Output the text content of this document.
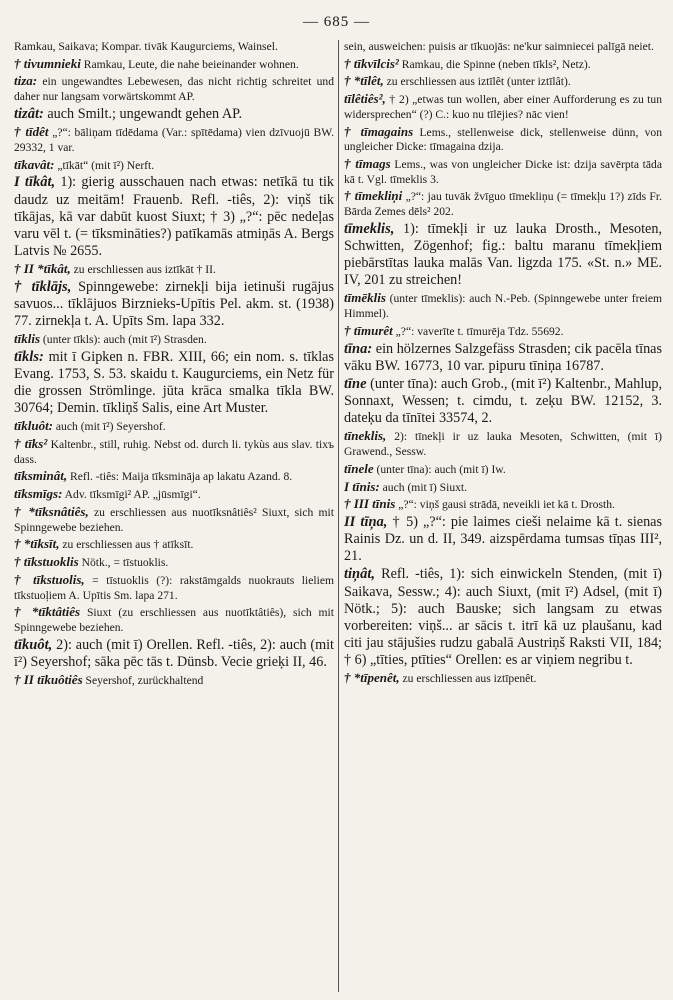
— 685 —

Ramkau, Saikava; Kompar. tivāk Kaugurciems, Wainsel.

† tivumnieki Ramkau, Leute, die nahe beieinander wohnen.

tiza: ein ungewandtes Lebewesen, das nicht richtig schreitet und daher nur langsam vorwärtskommt AP.

tizât: auch Smilt.; ungewandt gehen AP.

† tīdêt „?“: bāliņam tīdēdama (Var.: spītēdama) vien dzīvuojū BW. 29332, 1 var.

tīkavât: „tīkāt“ (mit ī²) Nerft.

I tīkât, 1): gierig ausschauen nach etwas: netīkā tu tik daudz uz meitām! Frauenb. Refl. -tiês, 2): viņš tik tīkājas, kā var dabūt kuost Siuxt; † 3) „?“: pēc nedeļas varu vēl t. (= tīksmināties?) patīkamās atmiņās A. Bergs Latvis № 2655.

† II *tīkât, zu erschliessen aus iztīkāt † II.

† tīklājs, Spinngewebe: zirnekļi bija ietinuši rugājus savuos... tīklājuos Birznieks-Upītis Pel. akm. st. (1938) 77. zirnekļa t. A. Upīts Sm. lapa 332.

tīklis (unter tīkls): auch (mit ī²) Strasden.

tīkls: mit ī Gipken n. FBR. XIII, 66; ein nom. s. tīklas Evang. 1753, S. 53. skaidu t. Kaugurciems, ein Netz für die grossen Strömlinge. jūta krāca smalka tīkla BW. 30764; Demin. tīkliņš Salis, eine Art Muster.

tīkluôt: auch (mit ī²) Seyershof.

† tīks² Kaltenbr., still, ruhig. Nebst od. durch li. tykùs aus slav. tixъ dass.

tīksminât, Refl. -tiês: Maija tīksmināja ap lakatu Azand. 8.

tīksmīgs: Adv. tīksmīgi² AP. „jūsmīgi“.

† *tīksnâtiês, zu erschliessen aus nuotīksnâtiês² Siuxt, sich mit Spinngewebe beziehen.

† *tīksīt, zu erschliessen aus † atīksīt.

† tīkstuoklis Nötk., = tīstuoklis.

† tīkstuolis, = tīstuoklis (?): rakstāmgalds nuokrauts lieliem tīkstuoļiem A. Upītis Sm. lapa 271.

† *tīktâtiês Siuxt (zu erschliessen aus nuotīktâtiês), sich mit Spinngewebe beziehen.

tīkuôt, 2): auch (mit ī) Orellen. Refl. -tiês, 2): auch (mit ī²) Seyershof; sāka pēc tās t. Dünsb. Vecie grieķi II, 46.

† II tīkuôtiês Seyershof, zurückhaltend

sein, ausweichen: puisis ar tīkuojās: ne'kur saimniecei palīgā neiet.

† tīkvīlcis² Ramkau, die Spinne (neben tīkls², Netz).

† *tīlêt, zu erschliessen aus iztīlêt (unter iztīlât).

tīlêtiês², † 2) „etwas tun wollen, aber einer Aufforderung es zu tun widersprechen“ (?) C.: kuo nu tīlējies? nāc vien!

† tīmagains Lems., stellenweise dick, stellenweise dünn, von ungleicher Dicke: tīmagaina dzija.

† tīmags Lems., was von ungleicher Dicke ist: dzija savērpta tāda kā t. Vgl. tīmeklis 3.

† tīmekliņi „?“: jau tuvāk žvīguo tīmekliņu (= tīmekļu 1?) zīds Fr. Bārda Zemes dēls² 202.

tīmeklis, 1): tīmekļi ir uz lauka Drosth., Mesoten, Schwitten, Zögenhof; fig.: baltu maranu tīmekļiem piebārstītas lauka malās Van. ligzda 175. «St. n.» ME. IV, 201 zu streichen!

tīmēklis (unter tīmeklis): auch N.-Peb. (Spinngewebe unter freiem Himmel).

† tīmurêt „?“: vaverīte t. tīmurēja Tdz. 55692.

tīna: ein hölzernes Salzgefäss Strasden; cik pacēla tīnas vāku BW. 16773, 10 var. pipuru tīniņa 16787.

tīne (unter tīna): auch Grob., (mit ī²) Kaltenbr., Mahlup, Sonnaxt, Wessen; t. cimdu, t. zeķu BW. 12152, 3. dateķu da tīnītei 33574, 2.

tīneklis, 2): tīnekļi ir uz lauka Mesoten, Schwitten, (mit ī) Grawend., Sessw.

tīnele (unter tīna): auch (mit ī) Iw.

I tīnis: auch (mit ī) Siuxt.

† III tīnis „?“: viņš gausi strādā, neveikli iet kā t. Drosth.

II tīņa, † 5) „?“: pie laimes cieši nelaime kā t. sienas Rainis Dz. un d. II, 349. aizspērdama tumsas tīņas III², 21.

tiņât, Refl. -tiês, 1): sich einwickeln Stenden, (mit ī) Saikava, Sessw.; 4): auch Siuxt, (mit ī²) Adsel, (mit ī) Nötk.; 5): auch Bauske; sich langsam zu etwas vorbereiten: viņš... ar sācis t. itrī kā uz plaušanu, kad citi jau stājušies rudzu gabalā Austriņš Raksti VII, 184; † 6) „tīties, ptīties“ Orellen: es ar viņiem negribu t.

† *tīpenêt, zu erschliessen aus iztīpenêt.
